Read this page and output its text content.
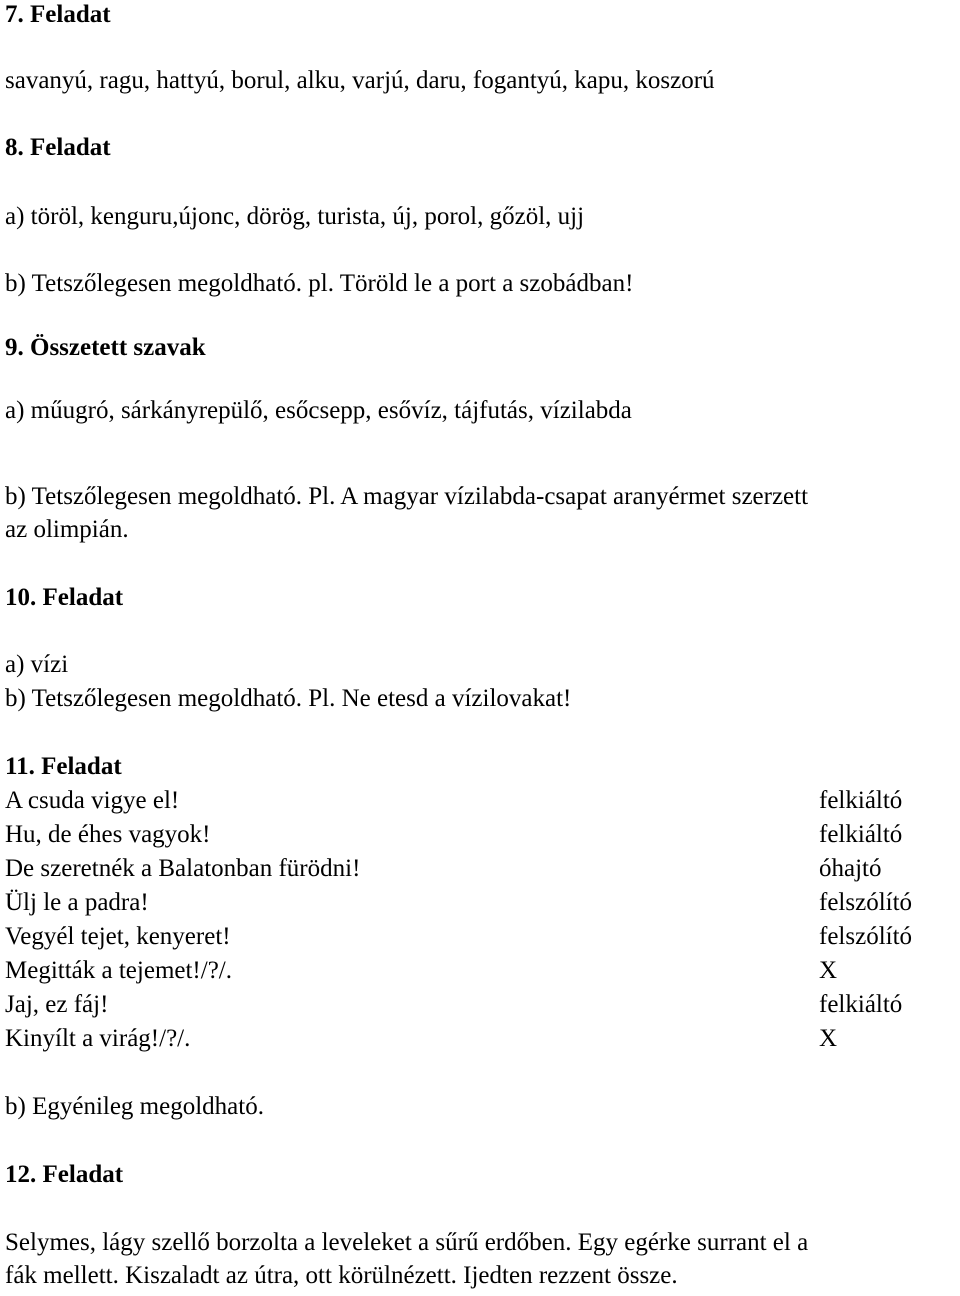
7. Feladat
savanyú, ragu, hattyú, borul, alku, varjú, daru, fogantyú, kapu, koszorú
8. Feladat
a) töröl, kenguru,újonc, dörög, turista, új, porol, gőzöl, ujj
b) Tetszőlegesen megoldható. pl. Töröld le a port a szobádban!
9. Összetett szavak
a) műugró, sárkányrepülő, esőcsepp, esővíz, tájfutás, vízilabda
b) Tetszőlegesen megoldható. Pl. A magyar vízilabda-csapat aranyérmet szerzett
az olimpián.
10. Feladat
a) vízi
b) Tetszőlegesen megoldható. Pl. Ne etesd a vízilovakat!
11. Feladat
A csuda vigye el!	felkiáltó
Hu, de éhes vagyok!	felkiáltó
De szeretnék a Balatonban fürödni!	óhajtó
Ülj le a padra!	felszólító
Vegyél tejet, kenyeret!	felszólító
Megitták a tejemet!/?/.	X
Jaj, ez fáj!	felkiáltó
Kinyílt a virág!/?/.	X
b) Egyénileg megoldható.
12. Feladat
Selymes, lágy szellő borzolta a leveleket a sűrű erdőben. Egy egérke surrant el a
fák mellett. Kiszaladt az útra, ott körülnézett. Ijedten rezzent össze.
